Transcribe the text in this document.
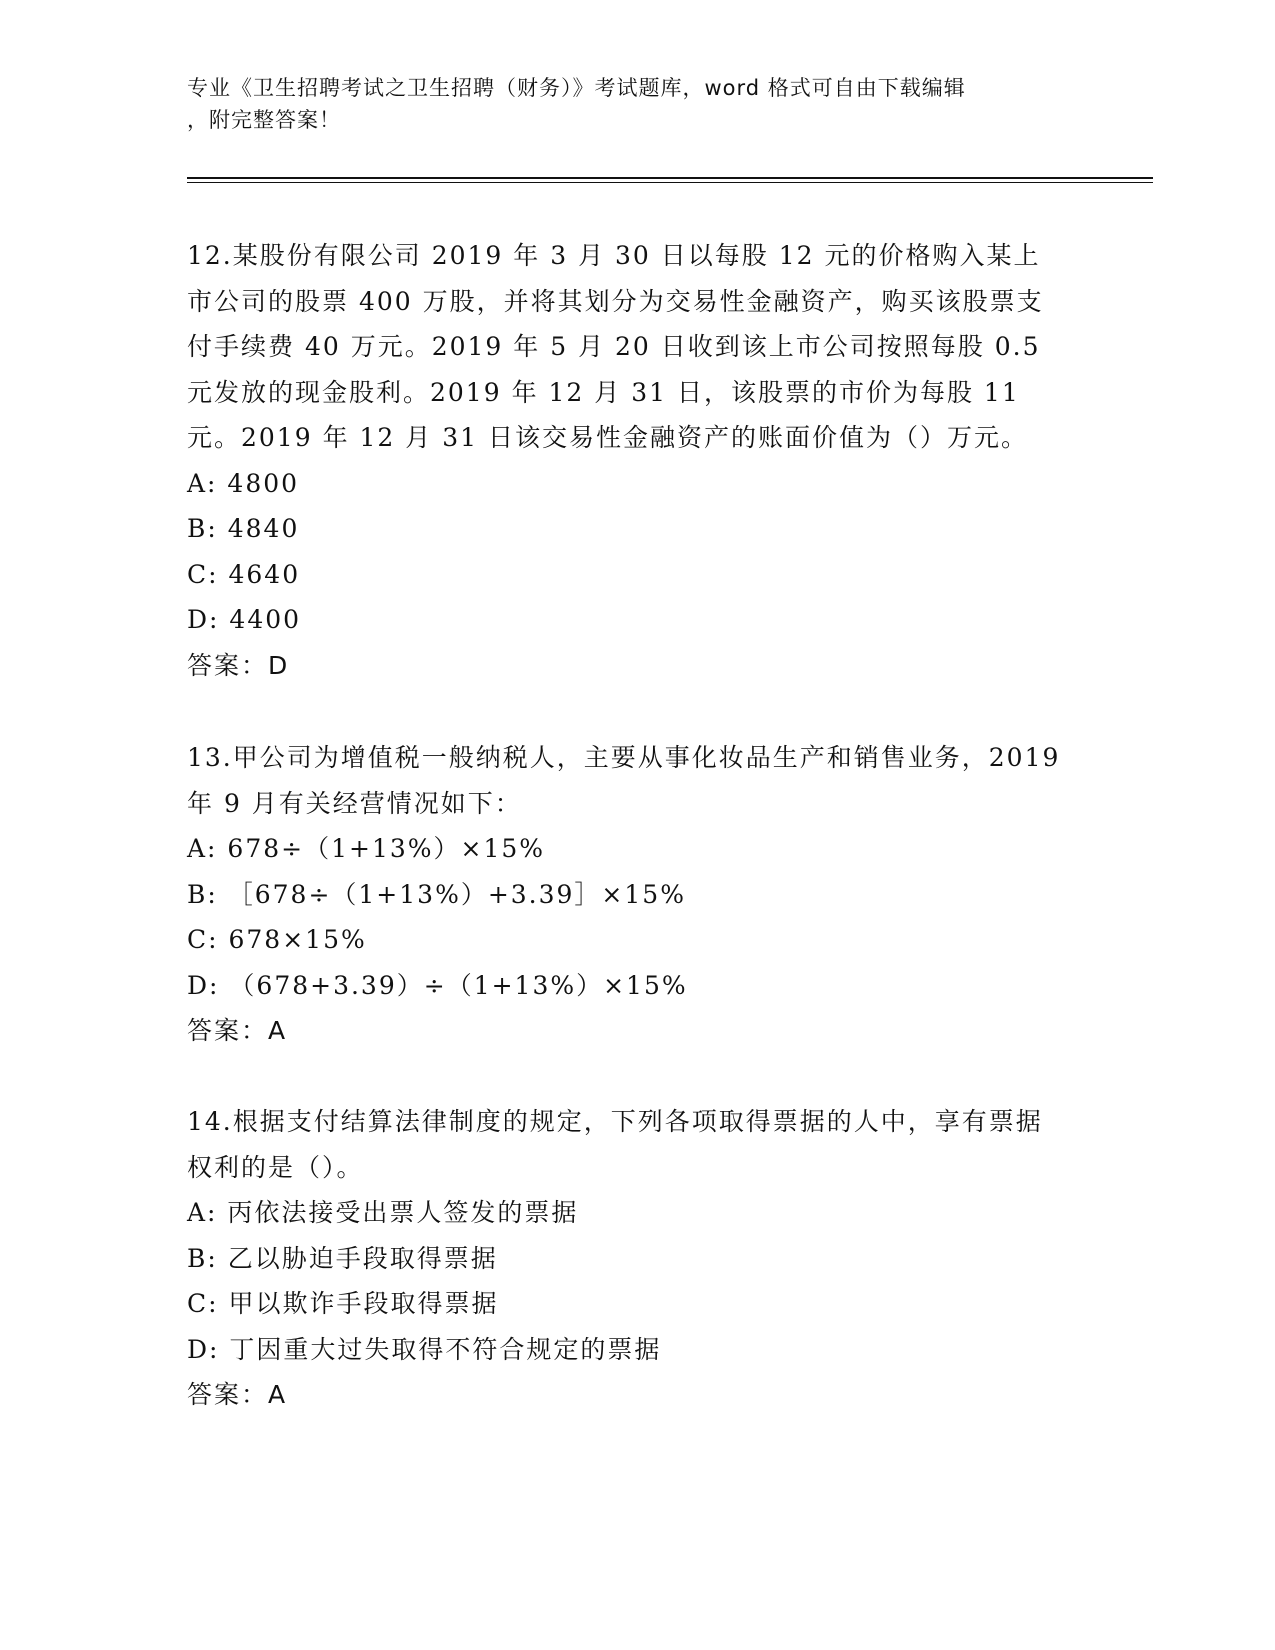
专业《卫生招聘考试之卫生招聘（财务）》考试题库，word 格式可自由下载编辑
，附完整答案！

12.某股份有限公司 2019 年 3 月 30 日以每股 12 元的价格购入某上市公司的股票 400 万股，并将其划分为交易性金融资产，购买该股票支付手续费 40 万元。2019 年 5 月 20 日收到该上市公司按照每股 0.5 元发放的现金股利。2019 年 12 月 31 日，该股票的市价为每股 11 元。2019 年 12 月 31 日该交易性金融资产的账面价值为（）万元。

A: 4800

B: 4840

C: 4640

D: 4400

答案：D

13.甲公司为增值税一般纳税人，主要从事化妆品生产和销售业务，2019 年 9 月有关经营情况如下：

A: 678÷（1+13%）×15%

B: ［678÷（1+13%）+3.39］×15%

C: 678×15%

D: （678+3.39）÷（1+13%）×15%

答案：A

14.根据支付结算法律制度的规定，下列各项取得票据的人中，享有票据权利的是（）。

A: 丙依法接受出票人签发的票据

B: 乙以胁迫手段取得票据

C: 甲以欺诈手段取得票据

D: 丁因重大过失取得不符合规定的票据

答案：A
